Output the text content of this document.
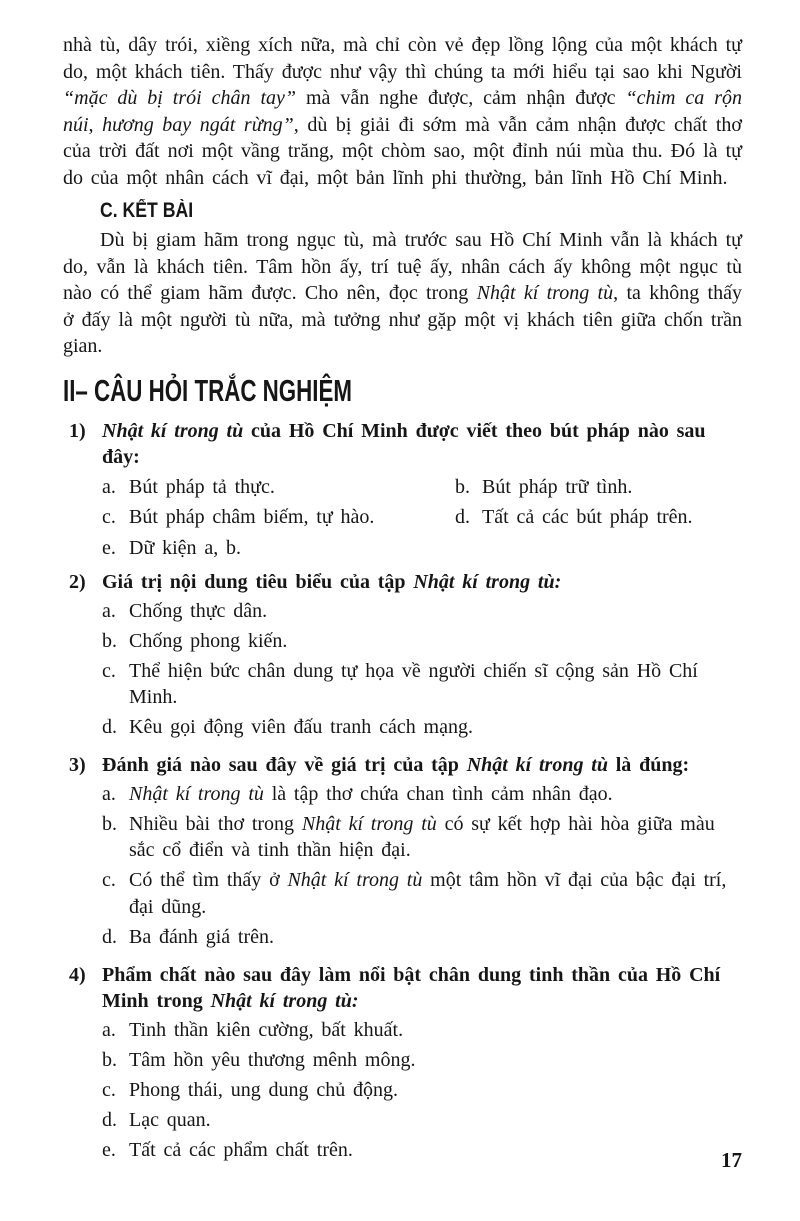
nhà tù, dây trói, xiềng xích nữa, mà chỉ còn vẻ đẹp lồng lộng của một khách tự do, một khách tiên. Thấy được như vậy thì chúng ta mới hiểu tại sao khi Người “mặc dù bị trói chân tay” mà vẫn nghe được, cảm nhận được “chim ca rộn núi, hương bay ngát rừng”, dù bị giải đi sớm mà vẫn cảm nhận được chất thơ của trời đất nơi một vầng trăng, một chòm sao, một đỉnh núi mùa thu. Đó là tự do của một nhân cách vĩ đại, một bản lĩnh phi thường, bản lĩnh Hồ Chí Minh.

C. KẾT BÀI

Dù bị giam hãm trong ngục tù, mà trước sau Hồ Chí Minh vẫn là khách tự do, vẫn là khách tiên. Tâm hồn ấy, trí tuệ ấy, nhân cách ấy không một ngục tù nào có thể giam hãm được. Cho nên, đọc trong Nhật kí trong tù, ta không thấy ở đấy là một người tù nữa, mà tưởng như gặp một vị khách tiên giữa chốn trần gian.

II– CÂU HỎI TRẮC NGHIỆM
1) Nhật kí trong tù của Hồ Chí Minh được viết theo bút pháp nào sau đây:

a. Bút pháp tả thực.	b. Bút pháp trữ tình.
c. Bút pháp châm biếm, tự hào.	d. Tất cả các bút pháp trên.
e. Dữ kiện a, b.
2) Giá trị nội dung tiêu biểu của tập Nhật kí trong tù:

a. Chống thực dân.
b. Chống phong kiến.
c. Thể hiện bức chân dung tự họa về người chiến sĩ cộng sản Hồ Chí Minh.
d. Kêu gọi động viên đấu tranh cách mạng.
3) Đánh giá nào sau đây về giá trị của tập Nhật kí trong tù là đúng:

a. Nhật kí trong tù là tập thơ chứa chan tình cảm nhân đạo.
b. Nhiều bài thơ trong Nhật kí trong tù có sự kết hợp hài hòa giữa màu sắc cổ điển và tinh thần hiện đại.
c. Có thể tìm thấy ở Nhật kí trong tù một tâm hồn vĩ đại của bậc đại trí, đại dũng.
d. Ba đánh giá trên.
4) Phẩm chất nào sau đây làm nổi bật chân dung tinh thần của Hồ Chí Minh trong Nhật kí trong tù:

a. Tinh thần kiên cường, bất khuất.
b. Tâm hồn yêu thương mênh mông.
c. Phong thái, ung dung chủ động.
d. Lạc quan.
e. Tất cả các phẩm chất trên.	17
